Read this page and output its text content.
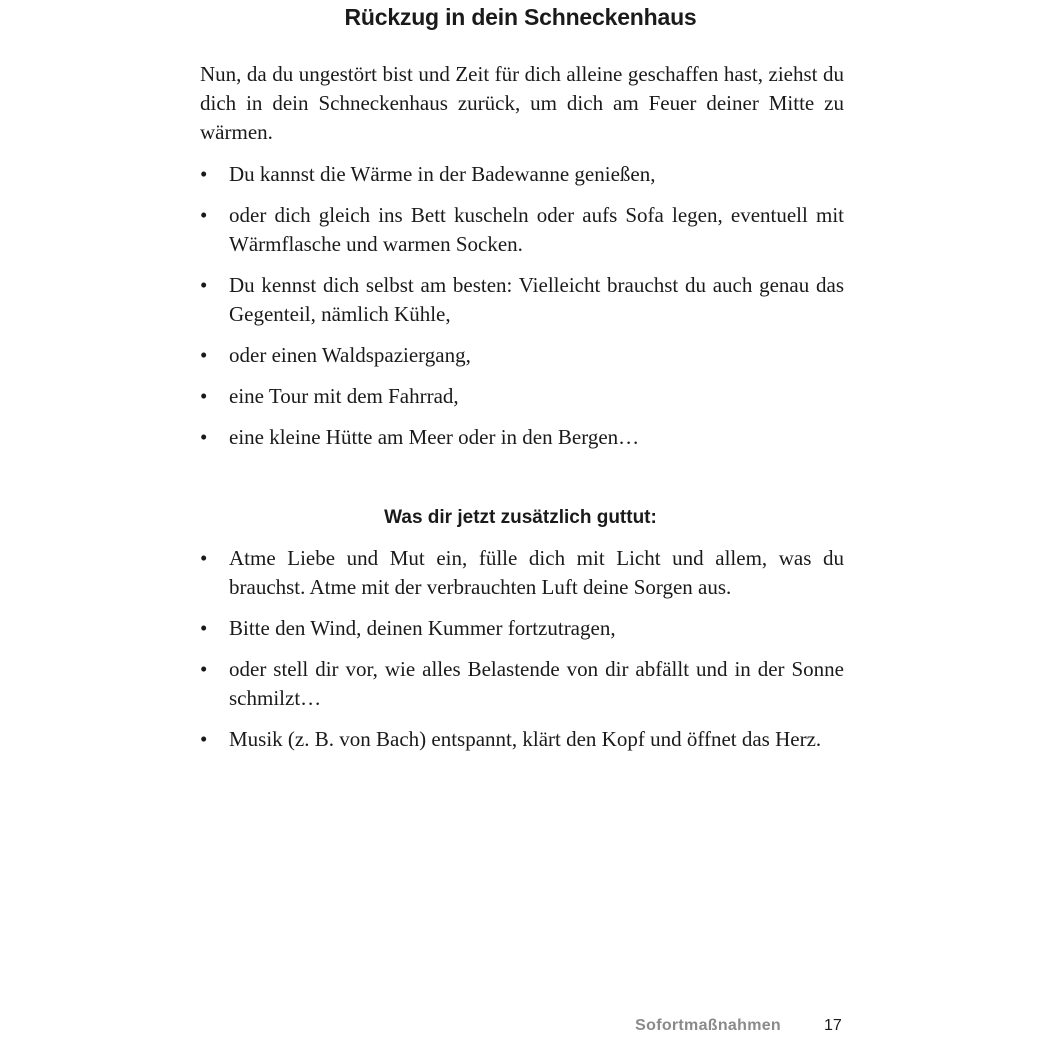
Rückzug in dein Schneckenhaus

Nun, da du ungestört bist und Zeit für dich alleine geschaffen hast, ziehst du dich in dein Schneckenhaus zurück, um dich am Feuer deiner Mitte zu wärmen.

• Du kannst die Wärme in der Badewanne genießen,
• oder dich gleich ins Bett kuscheln oder aufs Sofa legen, eventuell mit Wärmflasche und warmen Socken.
• Du kennst dich selbst am besten: Vielleicht brauchst du auch genau das Gegenteil, nämlich Kühle,
• oder einen Waldspaziergang,
• eine Tour mit dem Fahrrad,
• eine kleine Hütte am Meer oder in den Bergen…
Was dir jetzt zusätzlich guttut:
• Atme Liebe und Mut ein, fülle dich mit Licht und allem, was du brauchst. Atme mit der verbrauchten Luft deine Sorgen aus.
• Bitte den Wind, deinen Kummer fortzutragen,
• oder stell dir vor, wie alles Belastende von dir abfällt und in der Sonne schmilzt…
• Musik (z. B. von Bach) entspannt, klärt den Kopf und öffnet das Herz.
Sofortmaßnahmen	17
